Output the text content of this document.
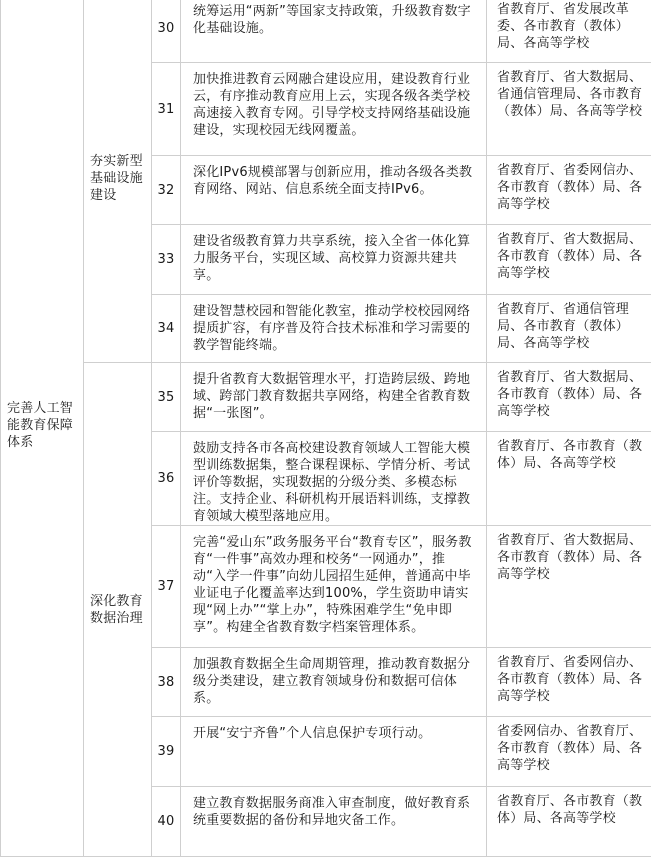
完善人工智能教育保障体系	夯实新型基础设施建设	30	统筹运用“两新”等国家支持政策，升级教育数字化基础设施。	省教育厅、省发展改革委、各市教育（教体）局、各高等学校
		31	加快推进教育云网融合建设应用，建设教育行业云，有序推动教育应用上云，实现各级各类学校高速接入教育专网。引导学校支持网络基础设施建设，实现校园无线网覆盖。	省教育厅、省大数据局、省通信管理局、各市教育（教体）局、各高等学校
		32	深化IPv6规模部署与创新应用，推动各级各类教育网络、网站、信息系统全面支持IPv6。	省教育厅、省委网信办、各市教育（教体）局、各高等学校
		33	建设省级教育算力共享系统，接入全省一体化算力服务平台，实现区域、高校算力资源共建共享。	省教育厅、省大数据局、各市教育（教体）局、各高等学校
		34	建设智慧校园和智能化教室，推动学校校园网络提质扩容，有序普及符合技术标准和学习需要的教学智能终端。	省教育厅、省通信管理局、各市教育（教体）局、各高等学校
	深化教育数据治理	35	提升省教育大数据管理水平，打造跨层级、跨地域、跨部门教育数据共享网络，构建全省教育数据“一张图”。	省教育厅、省大数据局、各市教育（教体）局、各高等学校
		36	鼓励支持各市各高校建设教育领域人工智能大模型训练数据集，整合课程课标、学情分析、考试评价等数据，实现数据的分级分类、多模态标注。支持企业、科研机构开展语料训练，支撑教育领域大模型落地应用。	省教育厅、各市教育（教体）局、各高等学校
		37	完善“爱山东”政务服务平台“教育专区”，服务教育“一件事”高效办理和校务“一网通办”，推动“入学一件事”向幼儿园招生延伸，普通高中毕业证电子化覆盖率达到100%，学生资助申请实现“网上办”“掌上办”，特殊困难学生“免申即享”。构建全省教育数字档案管理体系。	省教育厅、省大数据局、各市教育（教体）局、各高等学校
		38	加强教育数据全生命周期管理，推动教育数据分级分类建设，建立教育领域身份和数据可信体系。	省教育厅、省委网信办、各市教育（教体）局、各高等学校
		39	开展“安宁齐鲁”个人信息保护专项行动。	省委网信办、省教育厅、各市教育（教体）局、各高等学校
		40	建立教育数据服务商准入审查制度，做好教育系统重要数据的备份和异地灾备工作。	省教育厅、各市教育（教体）局、各高等学校
